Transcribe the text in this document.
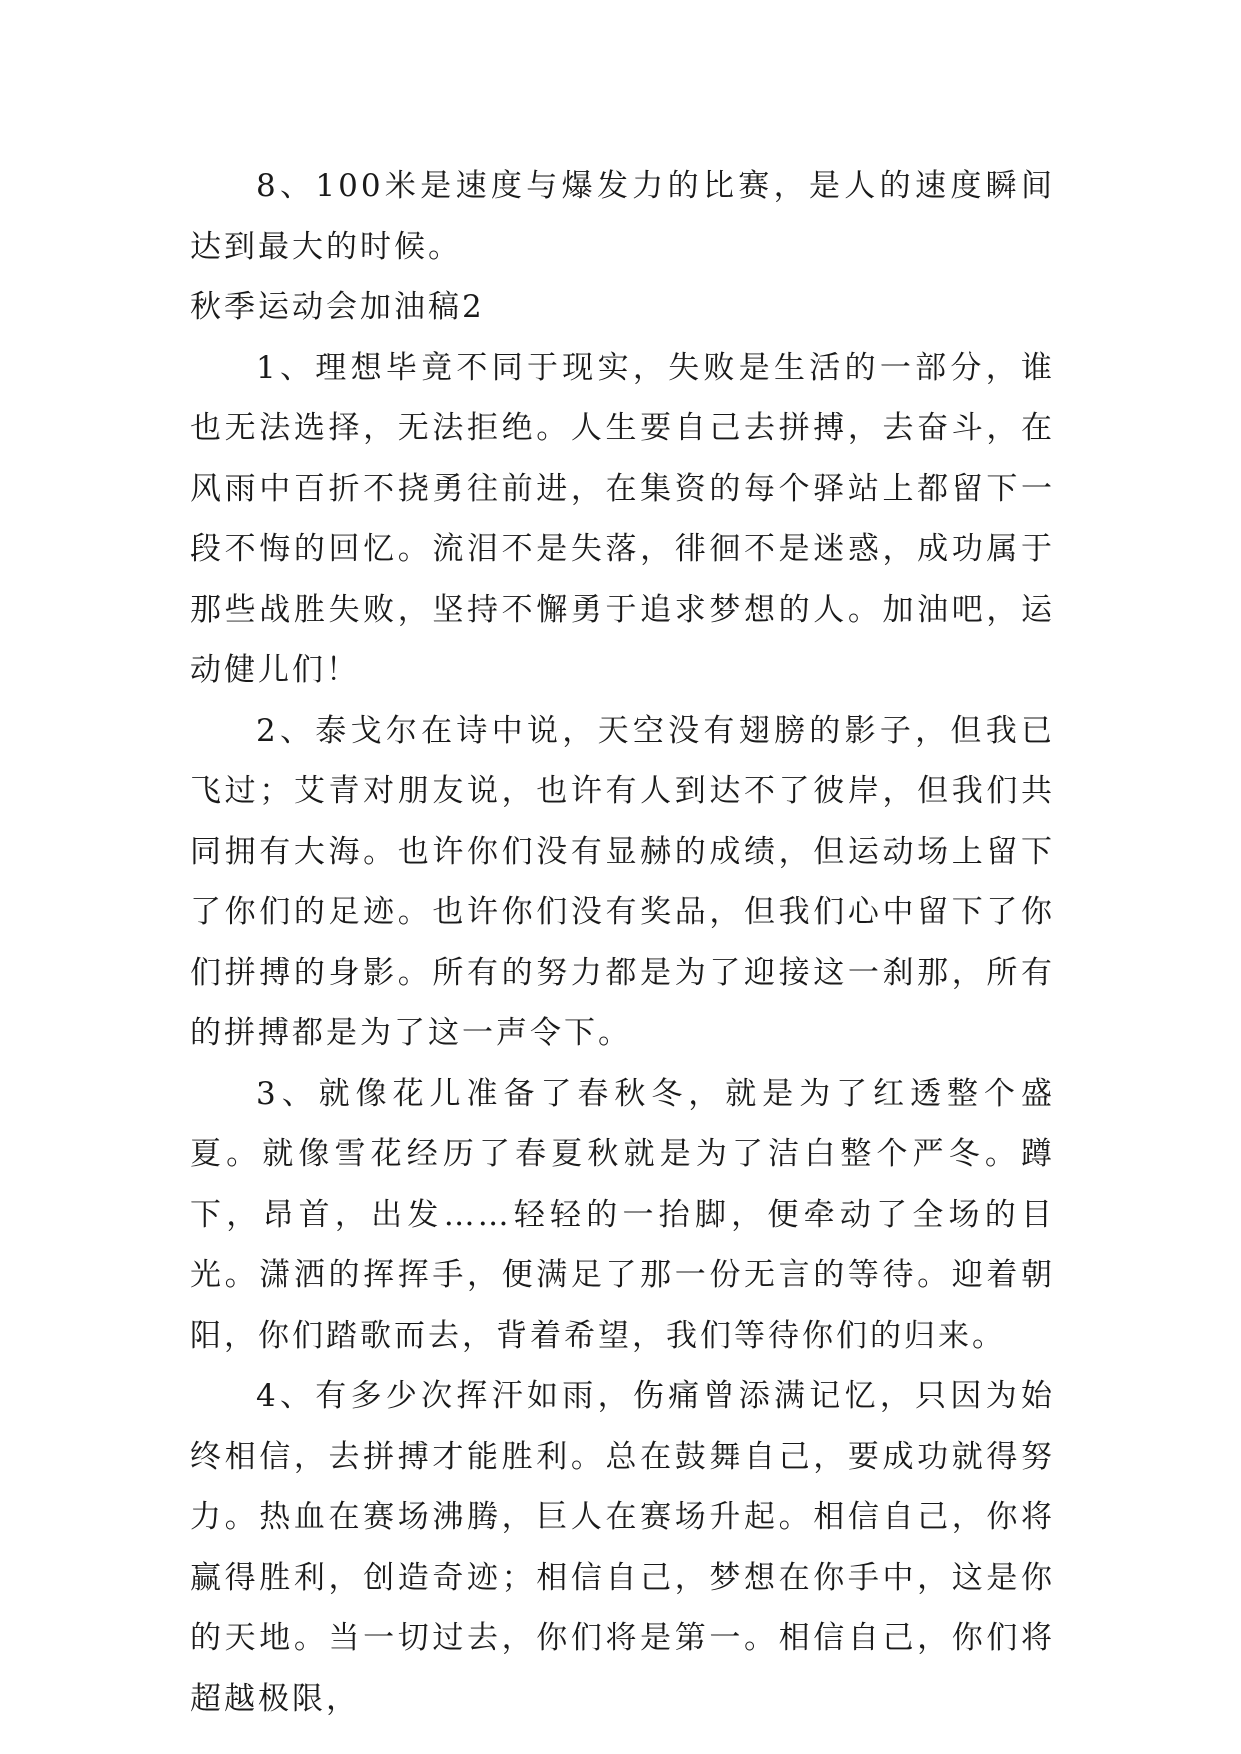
8、100米是速度与爆发力的比赛，是人的速度瞬间达到最大的时候。

秋季运动会加油稿2

1、理想毕竟不同于现实，失败是生活的一部分，谁也无法选择，无法拒绝。人生要自己去拼搏，去奋斗，在风雨中百折不挠勇往前进，在集资的每个驿站上都留下一段不悔的回忆。流泪不是失落，徘徊不是迷惑，成功属于那些战胜失败，坚持不懈勇于追求梦想的人。加油吧，运动健儿们！

2、泰戈尔在诗中说，天空没有翅膀的影子，但我已飞过；艾青对朋友说，也许有人到达不了彼岸，但我们共同拥有大海。也许你们没有显赫的成绩，但运动场上留下了你们的足迹。也许你们没有奖品，但我们心中留下了你们拼搏的身影。所有的努力都是为了迎接这一刹那，所有的拼搏都是为了这一声令下。

3、就像花儿准备了春秋冬，就是为了红透整个盛夏。就像雪花经历了春夏秋就是为了洁白整个严冬。蹲下，昂首，出发……轻轻的一抬脚，便牵动了全场的目光。潇洒的挥挥手，便满足了那一份无言的等待。迎着朝阳，你们踏歌而去，背着希望，我们等待你们的归来。

4、有多少次挥汗如雨，伤痛曾添满记忆，只因为始终相信，去拼搏才能胜利。总在鼓舞自己，要成功就得努力。热血在赛场沸腾，巨人在赛场升起。相信自己，你将赢得胜利，创造奇迹；相信自己，梦想在你手中，这是你的天地。当一切过去，你们将是第一。相信自己，你们将超越极限，
